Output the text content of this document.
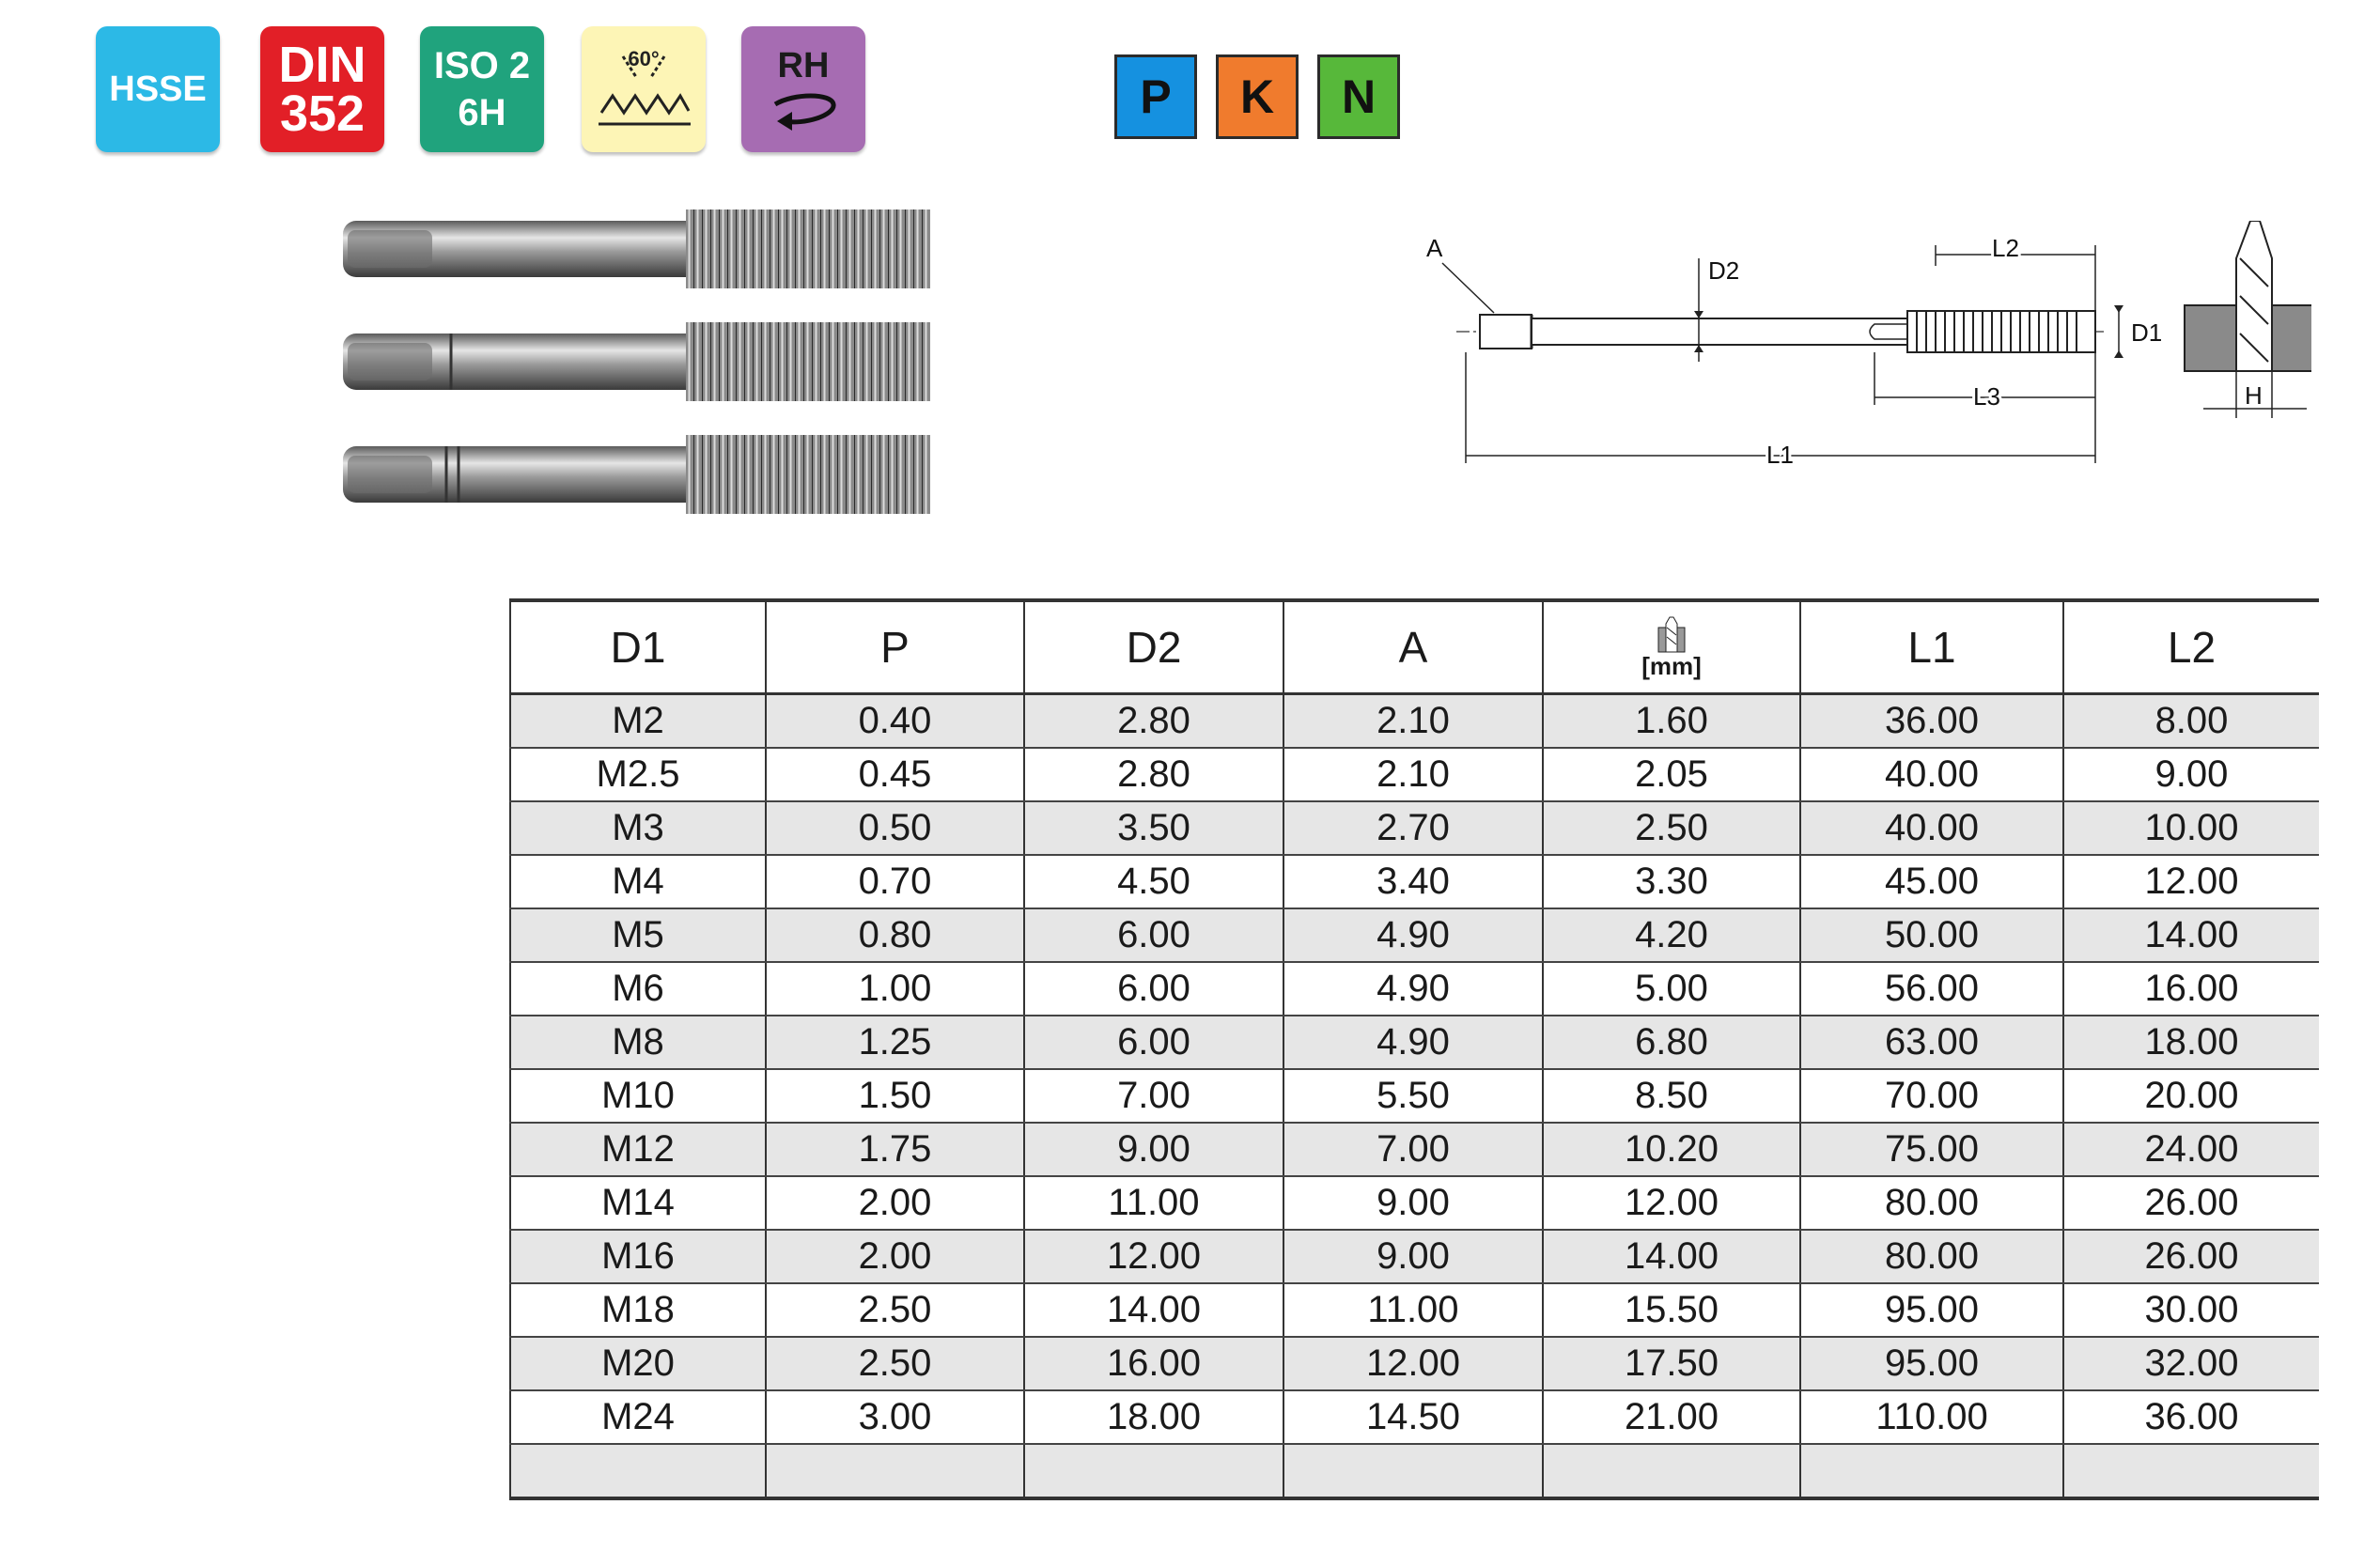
HSSE DIN
352
ISO 2
6H
60°	RH
P K N
A
D2
L2
D1
L3
L1
H
D1	P	D2	A	[mm]	L1	L2
M2	0.40	2.80	2.10	1.60	36.00	8.00
M2.5	0.45	2.80	2.10	2.05	40.00	9.00
M3	0.50	3.50	2.70	2.50	40.00	10.00
M4	0.70	4.50	3.40	3.30	45.00	12.00
M5	0.80	6.00	4.90	4.20	50.00	14.00
M6	1.00	6.00	4.90	5.00	56.00	16.00
M8	1.25	6.00	4.90	6.80	63.00	18.00
M10	1.50	7.00	5.50	8.50	70.00	20.00
M12	1.75	9.00	7.00	10.20	75.00	24.00
M14	2.00	11.00	9.00	12.00	80.00	26.00
M16	2.00	12.00	9.00	14.00	80.00	26.00
M18	2.50	14.00	11.00	15.50	95.00	30.00
M20	2.50	16.00	12.00	17.50	95.00	32.00
M24	3.00	18.00	14.50	21.00	110.00	36.00
